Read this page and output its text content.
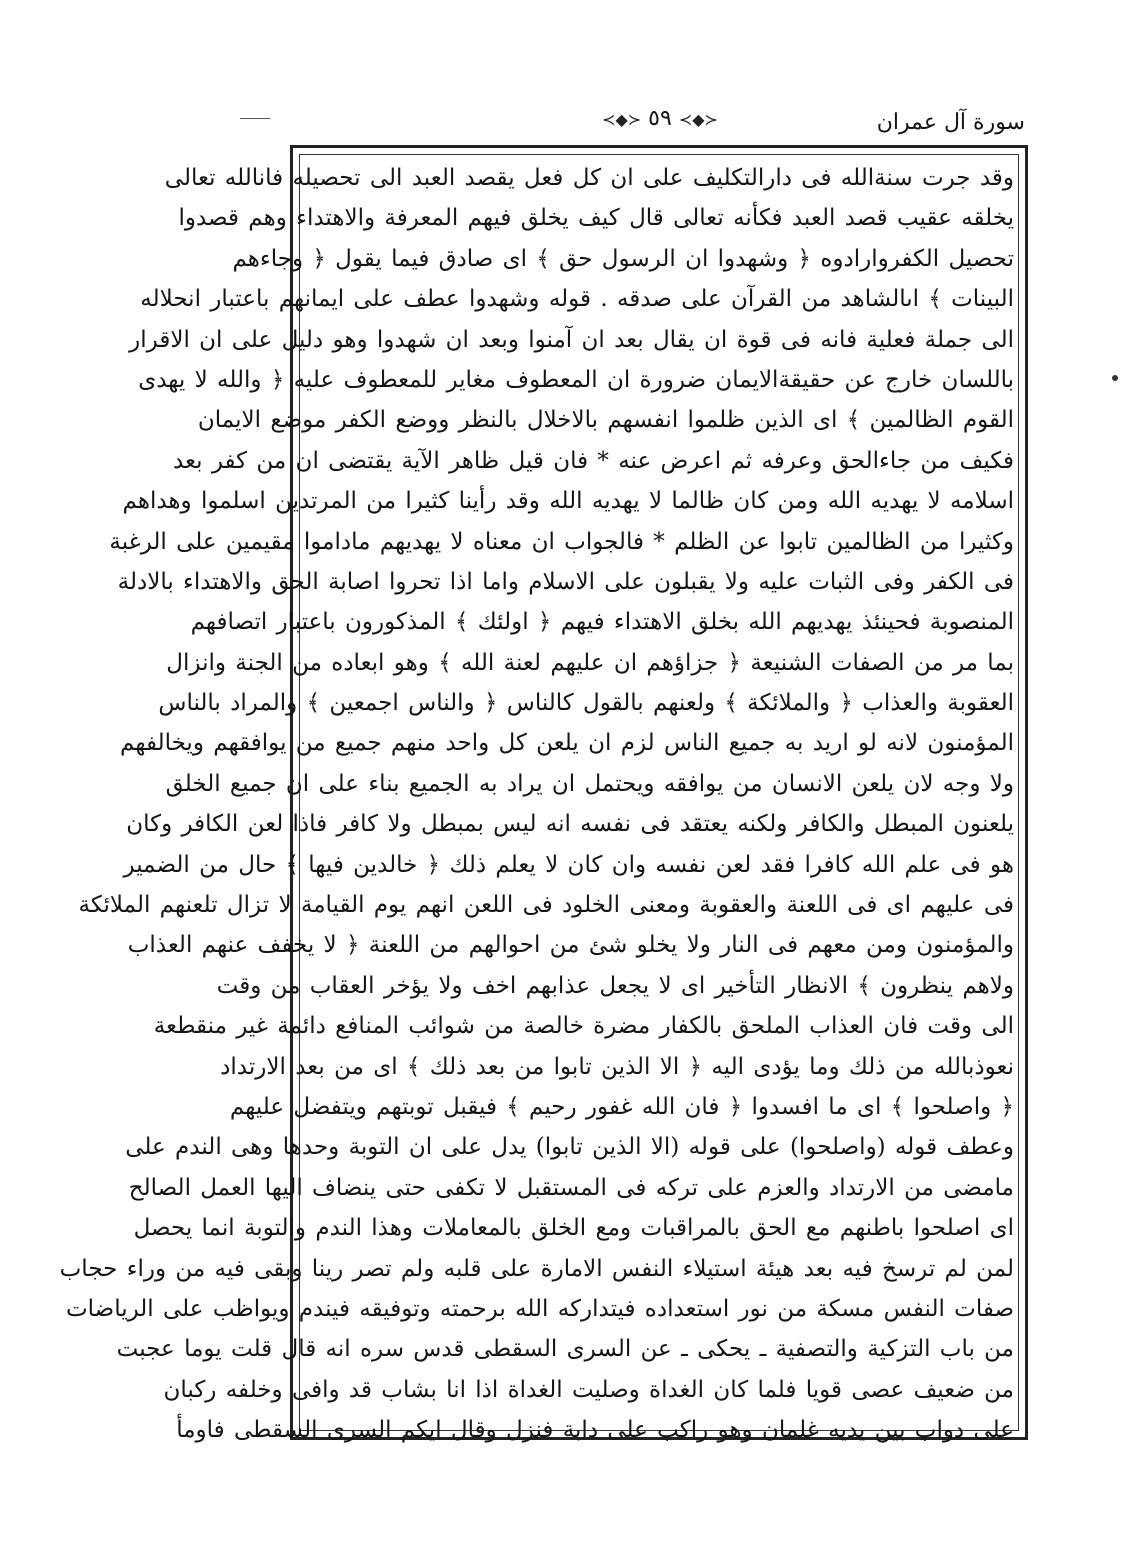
≺◆≻ ٥٩ ≺◆≻	سورة آل عمران
وقد جرت سنةالله فى دارالتكليف على ان كل فعل يقصد العبد الى تحصيله فانالله تعالى
يخلقه عقيب قصد العبد فكأنه تعالى قال كيف يخلق فيهم المعرفة والاهتداء وهم قصدوا
تحصيل الكفروارادوه ﴿ وشهدوا ان الرسول حق ﴾ اى صادق فيما يقول ﴿ وجاءهم
البينات ﴾ اىالشاهد من القرآن على صدقه . قوله وشهدوا عطف على ايمانهم باعتبار انحلاله
الى جملة فعلية فانه فى قوة ان يقال بعد ان آمنوا وبعد ان شهدوا وهو دليل على ان الاقرار
باللسان خارج عن حقيقةالايمان ضرورة ان المعطوف مغاير للمعطوف عليه ﴿ والله لا يهدى
القوم الظالمين ﴾ اى الذين ظلموا انفسهم بالاخلال بالنظر ووضع الكفر موضع الايمان
فكيف من جاءالحق وعرفه ثم اعرض عنه * فان قيل ظاهر الآية يقتضى ان من كفر بعد
اسلامه لا يهديه الله ومن كان ظالما لا يهديه الله وقد رأينا كثيرا من المرتدين اسلموا وهداهم
وكثيرا من الظالمين تابوا عن الظلم * فالجواب ان معناه لا يهديهم ماداموا مقيمين على الرغبة
فى الكفر وفى الثبات عليه ولا يقبلون على الاسلام واما اذا تحروا اصابة الحق والاهتداء بالادلة
المنصوبة فحينئذ يهديهم الله بخلق الاهتداء فيهم ﴿ اولئك ﴾ المذكورون باعتبار اتصافهم
بما مر من الصفات الشنيعة ﴿ جزاؤهم ان عليهم لعنة الله ﴾ وهو ابعاده من الجنة وانزال
العقوبة والعذاب ﴿ والملائكة ﴾ ولعنهم بالقول كالناس ﴿ والناس اجمعين ﴾ والمراد بالناس
المؤمنون لانه لو اريد به جميع الناس لزم ان يلعن كل واحد منهم جميع من يوافقهم ويخالفهم
ولا وجه لان يلعن الانسان من يوافقه ويحتمل ان يراد به الجميع بناء على ان جميع الخلق
يلعنون المبطل والكافر ولكنه يعتقد فى نفسه انه ليس بمبطل ولا كافر فاذا لعن الكافر وكان
هو فى علم الله كافرا فقد لعن نفسه وان كان لا يعلم ذلك ﴿ خالدين فيها ﴾ حال من الضمير
فى عليهم اى فى اللعنة والعقوبة ومعنى الخلود فى اللعن انهم يوم القيامة لا تزال تلعنهم الملائكة
والمؤمنون ومن معهم فى النار ولا يخلو شئ من احوالهم من اللعنة ﴿ لا يخفف عنهم العذاب
ولاهم ينظرون ﴾ الانظار التأخير اى لا يجعل عذابهم اخف ولا يؤخر العقاب من وقت
الى وقت فان العذاب الملحق بالكفار مضرة خالصة من شوائب المنافع دائمة غير منقطعة
نعوذبالله من ذلك وما يؤدى اليه ﴿ الا الذين تابوا من بعد ذلك ﴾ اى من بعد الارتداد
﴿ واصلحوا ﴾ اى ما افسدوا ﴿ فان الله غفور رحيم ﴾ فيقبل توبتهم ويتفضل عليهم
وعطف قوله (واصلحوا) على قوله (الا الذين تابوا) يدل على ان التوبة وحدها وهى الندم على
مامضى من الارتداد والعزم على تركه فى المستقبل لا تكفى حتى ينضاف اليها العمل الصالح
اى اصلحوا باطنهم مع الحق بالمراقبات ومع الخلق بالمعاملات وهذا الندم والتوبة انما يحصل
لمن لم ترسخ فيه بعد هيئة استيلاء النفس الامارة على قلبه ولم تصر رينا وبقى فيه من وراء حجاب
صفات النفس مسكة من نور استعداده فيتداركه الله برحمته وتوفيقه فيندم ويواظب على الرياضات
من باب التزكية والتصفية ـ يحكى ـ عن السرى السقطى قدس سره انه قال قلت يوما عجبت
من ضعيف عصى قويا فلما كان الغداة وصليت الغداة اذا انا بشاب قد وافى وخلفه ركبان
على دواب بين يديه غلمان وهو راكب على دابة فنزل وقال ايكم السرى السقطى فاومأ
